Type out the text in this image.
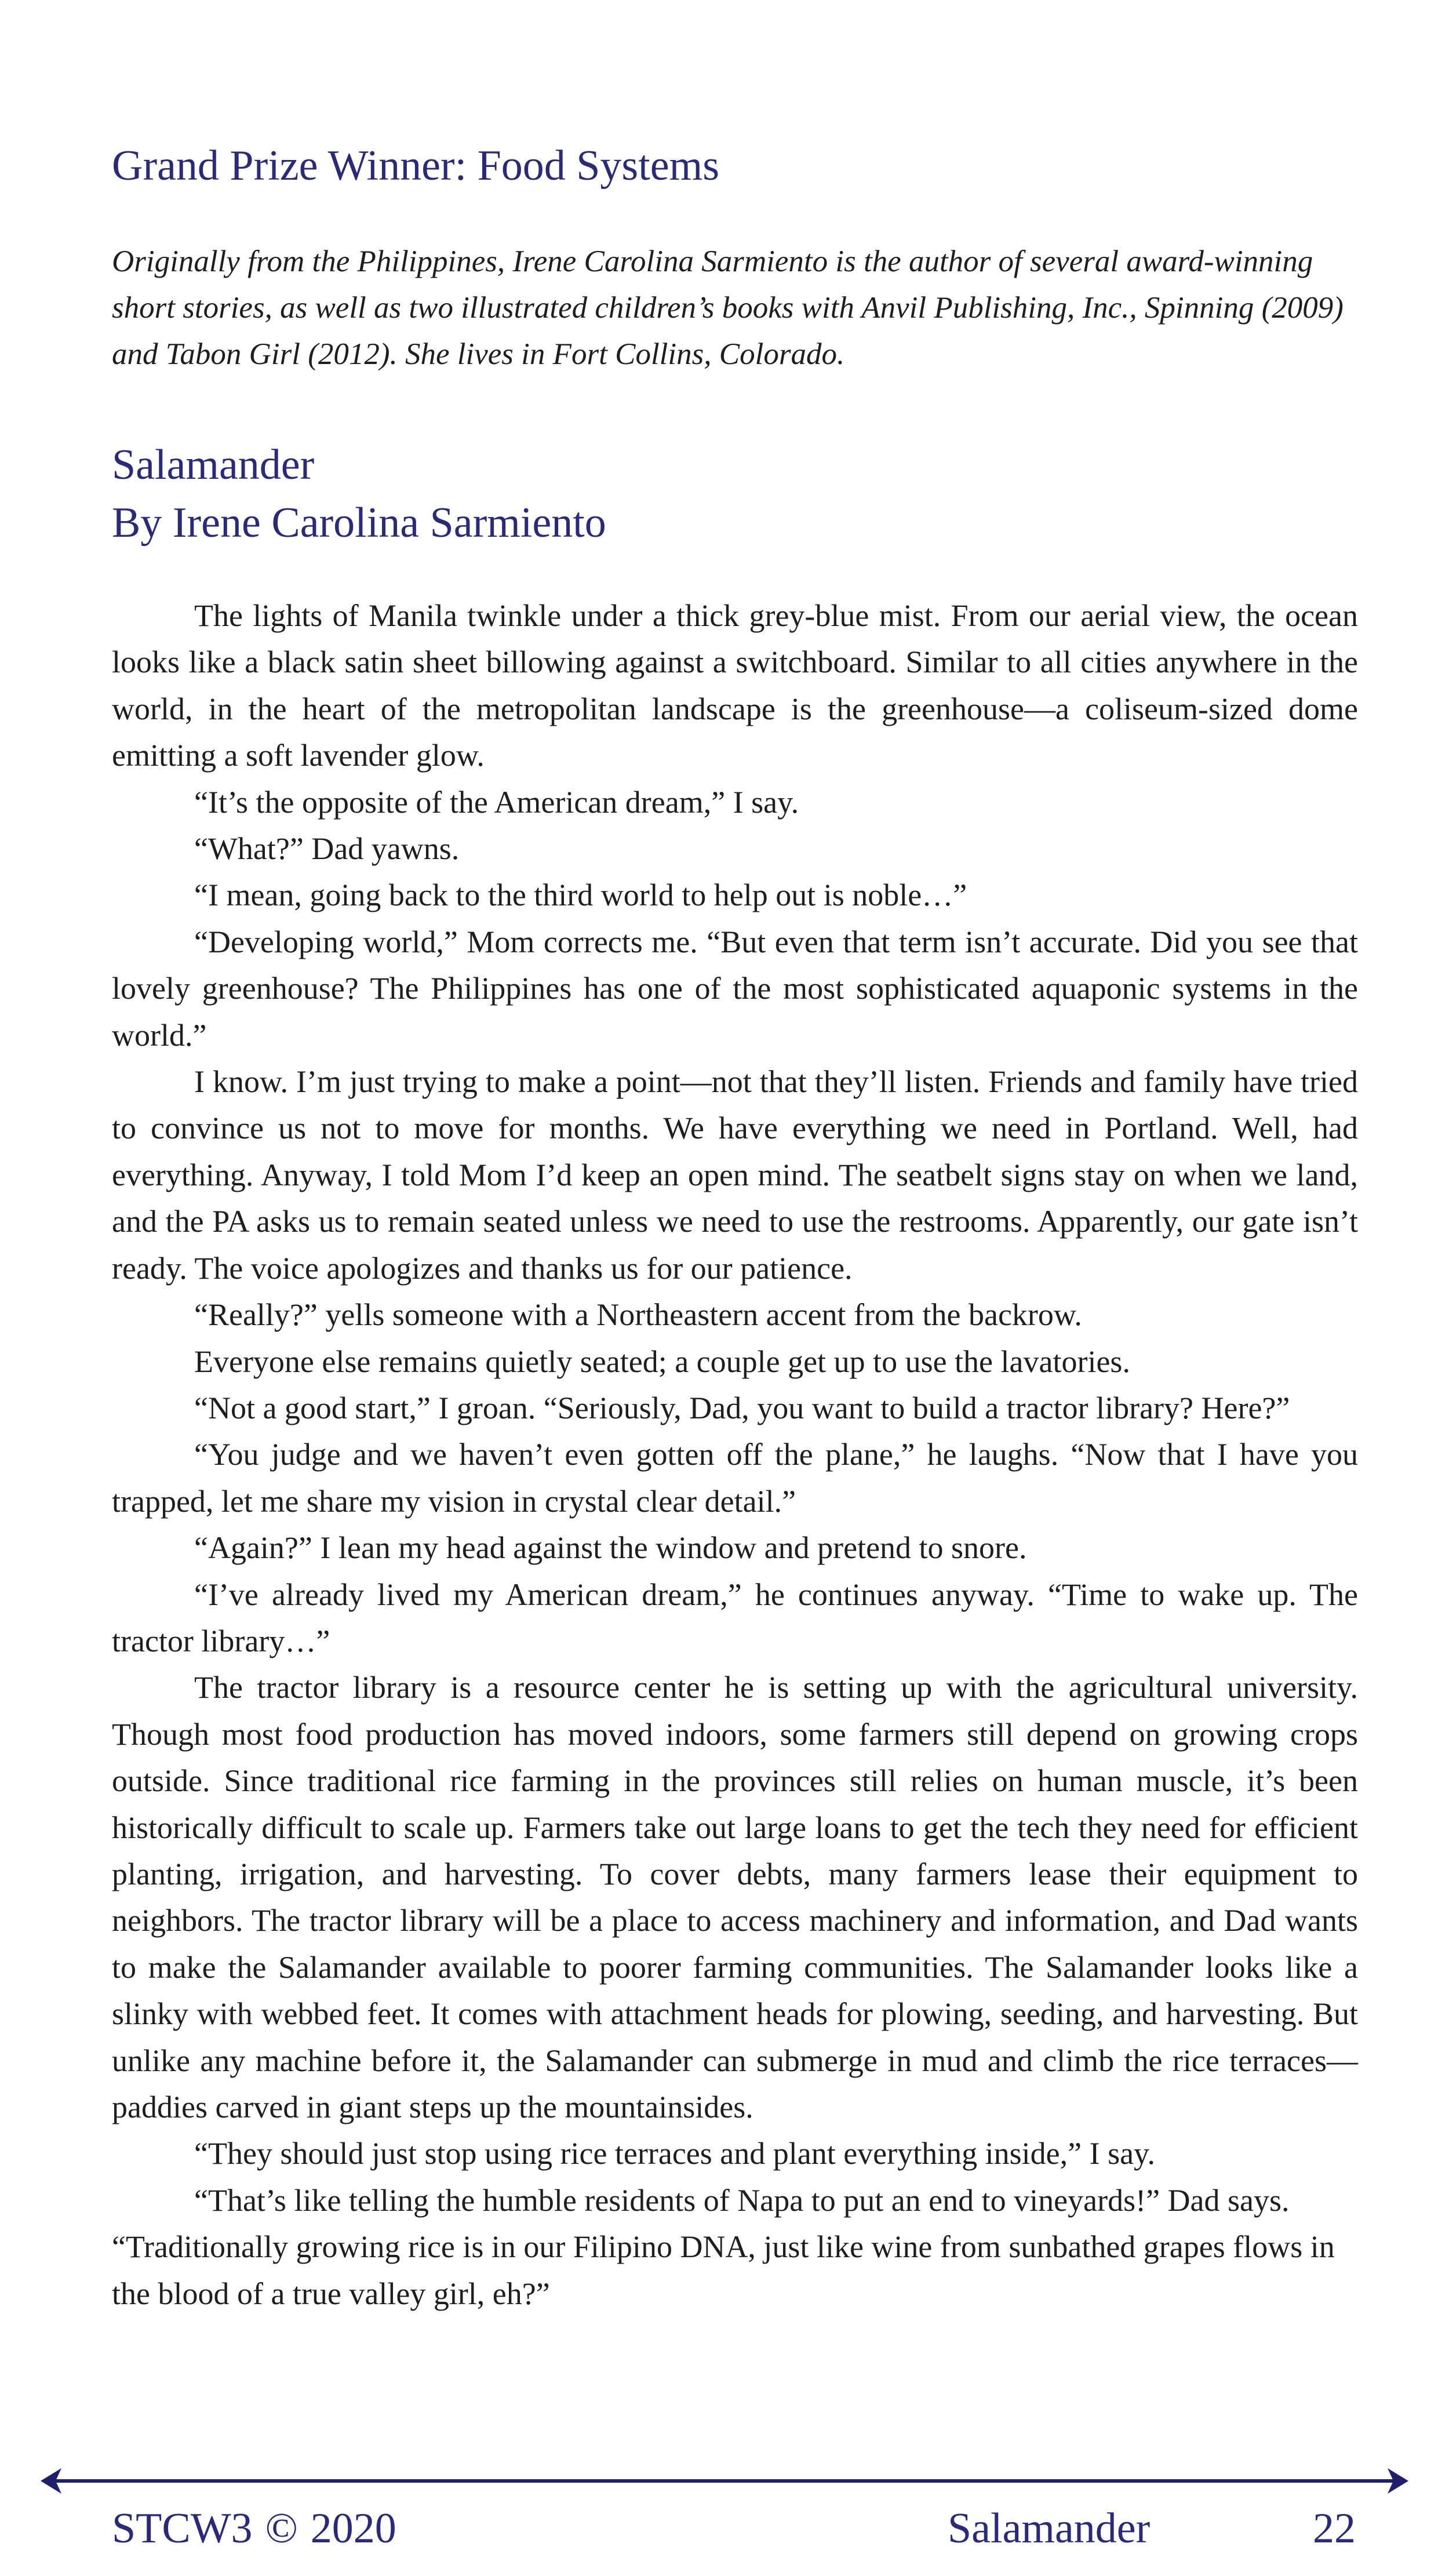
Grand Prize Winner: Food Systems

Originally from the Philippines, Irene Carolina Sarmiento is the author of several award-winning short stories, as well as two illustrated children’s books with Anvil Publishing, Inc., Spinning (2009) and Tabon Girl (2012). She lives in Fort Collins, Colorado.

Salamander
By Irene Carolina Sarmiento

The lights of Manila twinkle under a thick grey-blue mist. From our aerial view, the ocean looks like a black satin sheet billowing against a switchboard. Similar to all cities anywhere in the world, in the heart of the metropolitan landscape is the greenhouse—a coliseum-sized dome emitting a soft lavender glow.

“It’s the opposite of the American dream,” I say.

“What?” Dad yawns.

“I mean, going back to the third world to help out is noble…”

“Developing world,” Mom corrects me. “But even that term isn’t accurate. Did you see that lovely greenhouse? The Philippines has one of the most sophisticated aquaponic systems in the world.”

I know. I’m just trying to make a point—not that they’ll listen. Friends and family have tried to convince us not to move for months. We have everything we need in Portland. Well, had everything. Anyway, I told Mom I’d keep an open mind. The seatbelt signs stay on when we land, and the PA asks us to remain seated unless we need to use the restrooms. Apparently, our gate isn’t ready. The voice apologizes and thanks us for our patience.

“Really?” yells someone with a Northeastern accent from the backrow.

Everyone else remains quietly seated; a couple get up to use the lavatories.

“Not a good start,” I groan. “Seriously, Dad, you want to build a tractor library? Here?”

“You judge and we haven’t even gotten off the plane,” he laughs. “Now that I have you trapped, let me share my vision in crystal clear detail.”

“Again?” I lean my head against the window and pretend to snore.

“I’ve already lived my American dream,” he continues anyway. “Time to wake up. The tractor library…”

The tractor library is a resource center he is setting up with the agricultural university. Though most food production has moved indoors, some farmers still depend on growing crops outside. Since traditional rice farming in the provinces still relies on human muscle, it’s been historically difficult to scale up. Farmers take out large loans to get the tech they need for efficient planting, irrigation, and harvesting. To cover debts, many farmers lease their equipment to neighbors. The tractor library will be a place to access machinery and information, and Dad wants to make the Salamander available to poorer farming communities. The Salamander looks like a slinky with webbed feet. It comes with attachment heads for plowing, seeding, and harvesting. But unlike any machine before it, the Salamander can submerge in mud and climb the rice terraces—paddies carved in giant steps up the mountainsides.

“They should just stop using rice terraces and plant everything inside,” I say.

“That’s like telling the humble residents of Napa to put an end to vineyards!” Dad says. “Traditionally growing rice is in our Filipino DNA, just like wine from sunbathed grapes flows in the blood of a true valley girl, eh?”

STCW3 © 2020	Salamander	22
